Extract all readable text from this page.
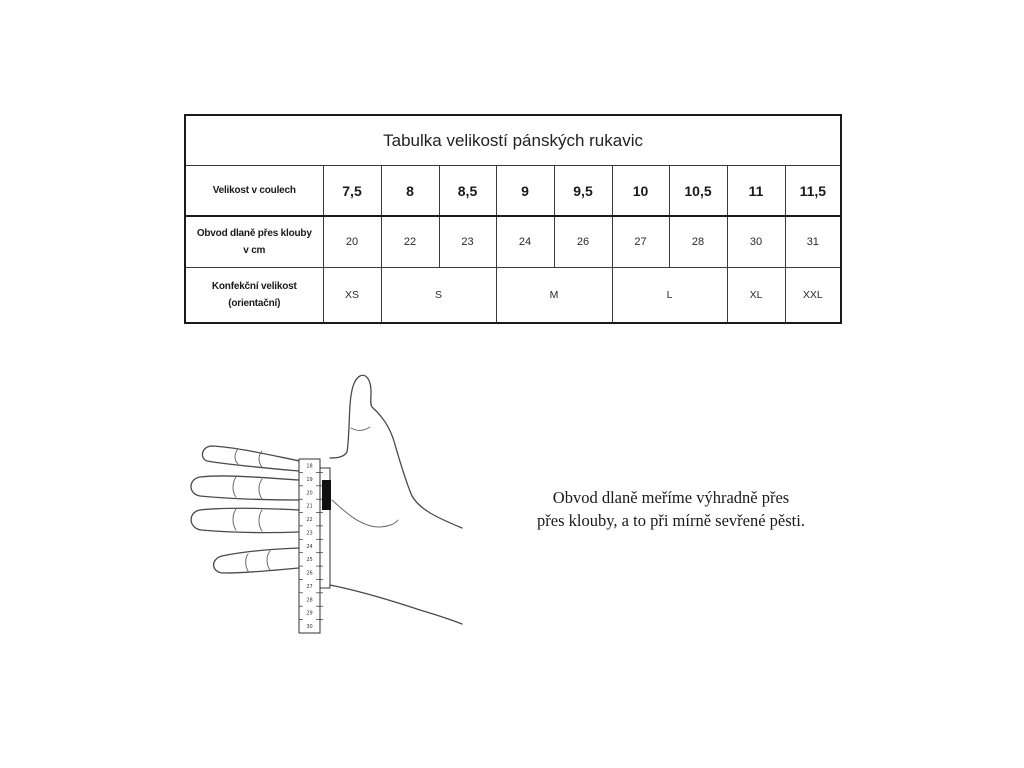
Tabulka velikostí pánských rukavic									
Velikost v coulech	7,5	8	8,5	9	9,5	10	10,5	11	11,5
Obvod dlaně přes klouby
v cm	20	22	23	24	26	27	28	30	31
Konfekční velikost
(orientační)	XS	S		M		L		XL	XXL
18
19
20
21
22
23
24
25
26
27
28
29
30
Obvod dlaně meříme výhradně přes
přes klouby, a to při mírně sevřené pěsti.
